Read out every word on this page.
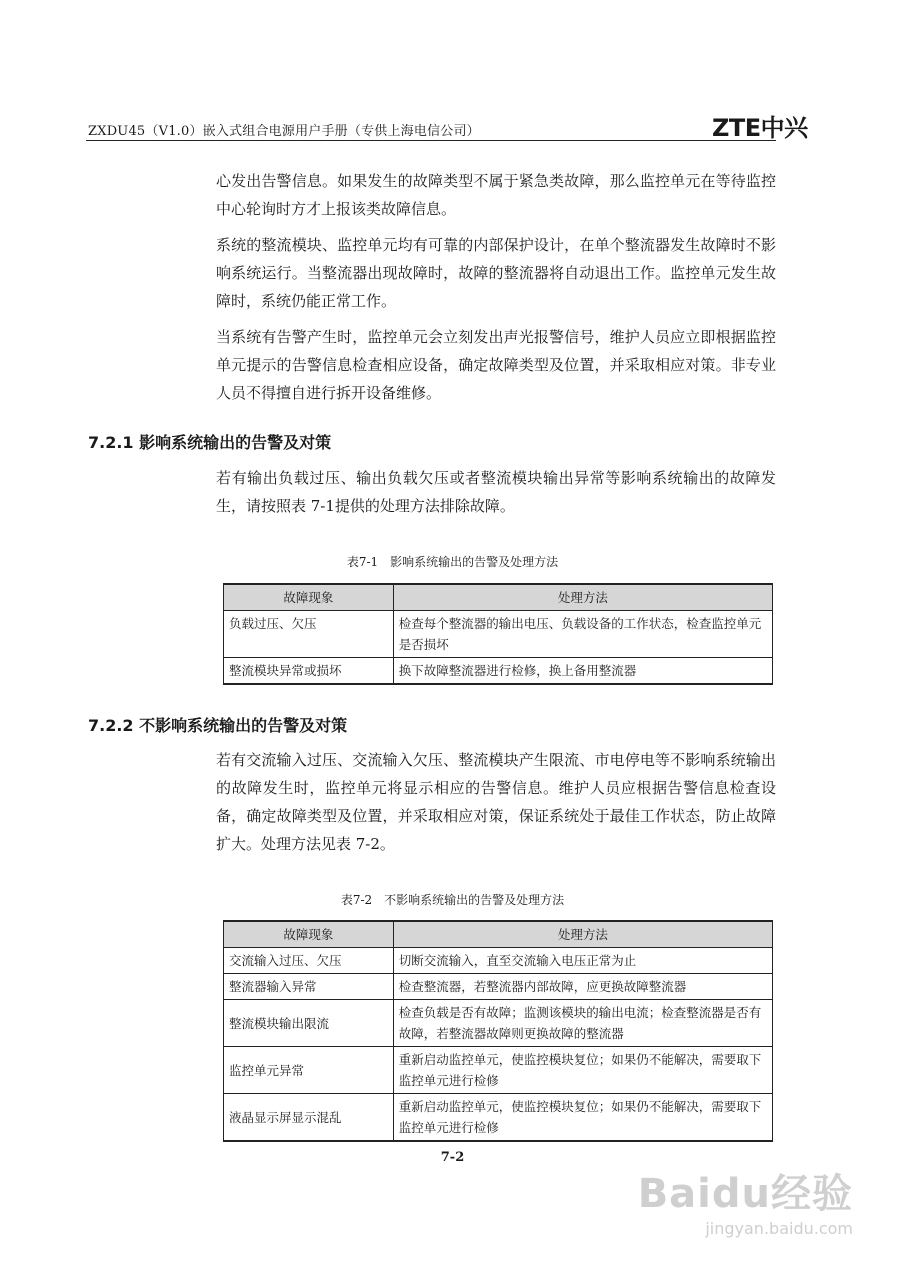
ZXDU45（V1.0）嵌入式组合电源用户手册（专供上海电信公司）	ZTE中兴

心发出告警信息。如果发生的故障类型不属于紧急类故障，那么监控单元在等待监控中心轮询时方才上报该类故障信息。

系统的整流模块、监控单元均有可靠的内部保护设计，在单个整流器发生故障时不影响系统运行。当整流器出现故障时，故障的整流器将自动退出工作。监控单元发生故障时，系统仍能正常工作。

当系统有告警产生时，监控单元会立刻发出声光报警信号，维护人员应立即根据监控单元提示的告警信息检查相应设备，确定故障类型及位置，并采取相应对策。非专业人员不得擅自进行拆开设备维修。

7.2.1 影响系统输出的告警及对策

若有输出负载过压、输出负载欠压或者整流模块输出异常等影响系统输出的故障发生，请按照表 7-1提供的处理方法排除故障。

表7-1　影响系统输出的告警及处理方法
故障现象	处理方法
负载过压、欠压	检查每个整流器的输出电压、负载设备的工作状态，检查监控单元是否损坏
整流模块异常或损坏	换下故障整流器进行检修，换上备用整流器
7.2.2 不影响系统输出的告警及对策

若有交流输入过压、交流输入欠压、整流模块产生限流、市电停电等不影响系统输出的故障发生时，监控单元将显示相应的告警信息。维护人员应根据告警信息检查设备，确定故障类型及位置，并采取相应对策，保证系统处于最佳工作状态，防止故障扩大。处理方法见表 7-2。

表7-2　不影响系统输出的告警及处理方法
故障现象	处理方法
交流输入过压、欠压	切断交流输入，直至交流输入电压正常为止
整流器输入异常	检查整流器，若整流器内部故障，应更换故障整流器
整流模块输出限流	检查负载是否有故障；监测该模块的输出电流；检查整流器是否有故障，若整流器故障则更换故障的整流器
监控单元异常	重新启动监控单元，使监控模块复位；如果仍不能解决，需要取下监控单元进行检修
液晶显示屏显示混乱	重新启动监控单元，使监控模块复位；如果仍不能解决，需要取下监控单元进行检修
7-2
Baidu经验
jingyan.baidu.com
